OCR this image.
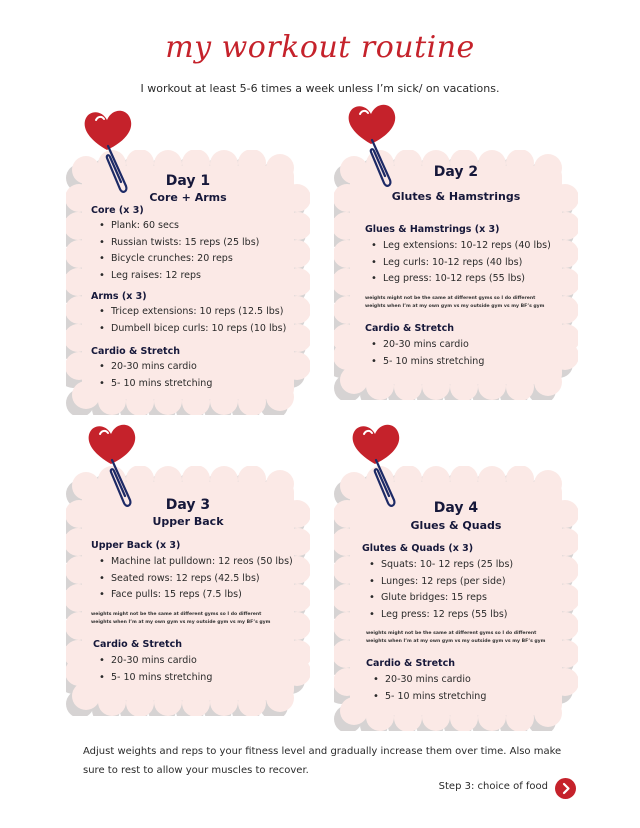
my workout routine
I workout at least 5-6 times a week unless I’m sick/ on vacations.
Day 1
Core + Arms
Core (x 3)
• Plank: 60 secs
• Russian twists: 15 reps (25 lbs)
• Bicycle crunches: 20 reps
• Leg raises: 12 reps
Arms (x 3)
• Tricep extensions: 10 reps (12.5 lbs)
• Dumbell bicep curls: 10 reps (10 lbs)
Cardio & Stretch
• 20-30 mins cardio
• 5- 10 mins stretching
Day 2
Glutes & Hamstrings
Glues & Hamstrings (x 3)
• Leg extensions: 10-12 reps (40 lbs)
• Leg curls: 10-12 reps (40 lbs)
• Leg press: 10-12 reps (55 lbs)
weights might not be the same at different gyms so I do different
weights when I’m at my own gym vs my outside gym vs my BF’s gym
Cardio & Stretch
• 20-30 mins cardio
• 5- 10 mins stretching
Day 3
Upper Back
Upper Back (x 3)
• Machine lat pulldown: 12 reos (50 lbs)
• Seated rows: 12 reps (42.5 lbs)
• Face pulls: 15 reps (7.5 lbs)
weights might not be the same at different gyms so I do different
weights when I’m at my own gym vs my outside gym vs my BF’s gym
Cardio & Stretch
• 20-30 mins cardio
• 5- 10 mins stretching
Day 4
Glues & Quads
Glutes & Quads (x 3)
• Squats: 10- 12 reps (25 lbs)
• Lunges: 12 reps (per side)
• Glute bridges: 15 reps
• Leg press: 12 reps (55 lbs)
weights might not be the same at different gyms so I do different
weights when I’m at my own gym vs my outside gym vs my BF’s gym
Cardio & Stretch
• 20-30 mins cardio
• 5- 10 mins stretching
Adjust weights and reps to your fitness level and gradually increase them over time. Also make sure to rest to allow your muscles to recover.
Step 3: choice of food
